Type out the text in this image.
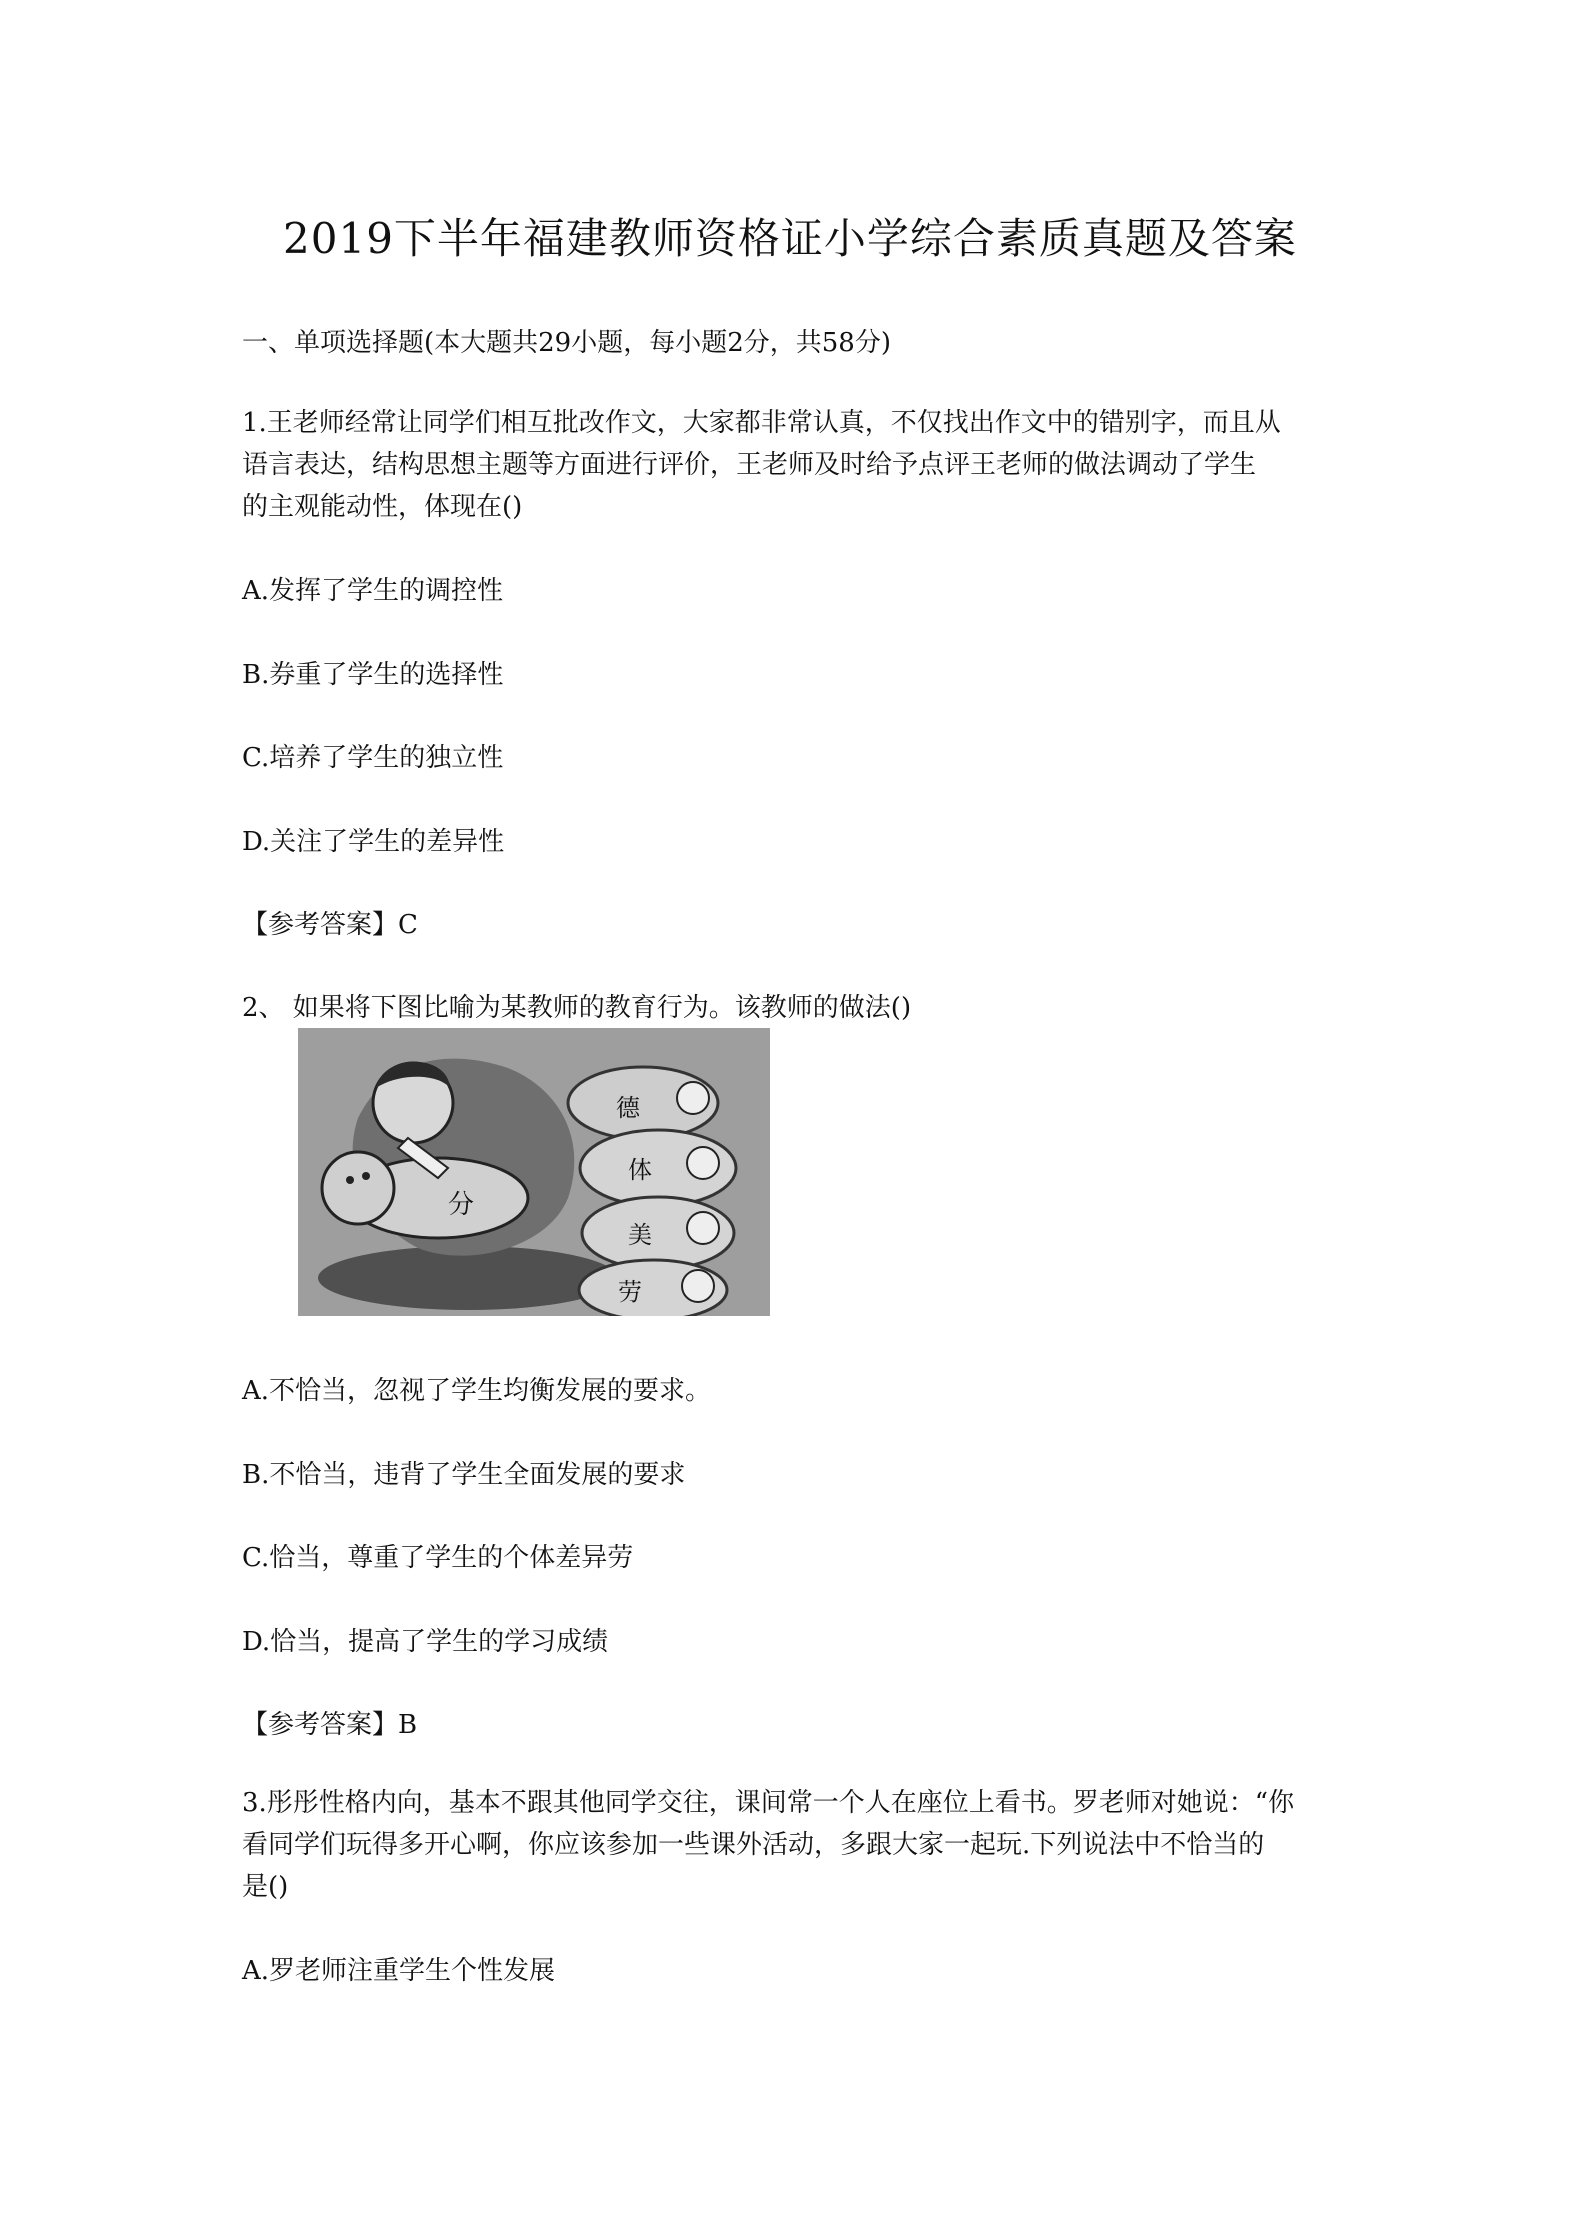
2019下半年福建教师资格证小学综合素质真题及答案
一、单项选择题(本大题共29小题，每小题2分，共58分)
1.王老师经常让同学们相互批改作文，大家都非常认真，不仅找出作文中的错别字，而且从
语言表达，结构思想主题等方面进行评价，王老师及时给予点评王老师的做法调动了学生
的主观能动性，体现在()
A.发挥了学生的调控性
B.券重了学生的选择性
C.培养了学生的独立性
D.关注了学生的差异性
【参考答案】C
2、 如果将下图比喻为某教师的教育行为。该教师的做法()
分
德
体
美
劳
A.不恰当，忽视了学生均衡发展的要求。
B.不恰当，违背了学生全面发展的要求
C.恰当，尊重了学生的个体差异劳
D.恰当，提高了学生的学习成绩
【参考答案】B
3.彤彤性格内向，基本不跟其他同学交往，课间常一个人在座位上看书。罗老师对她说：“你
看同学们玩得多开心啊，你应该参加一些课外活动，多跟大家一起玩.下列说法中不恰当的
是()
A.罗老师注重学生个性发展
